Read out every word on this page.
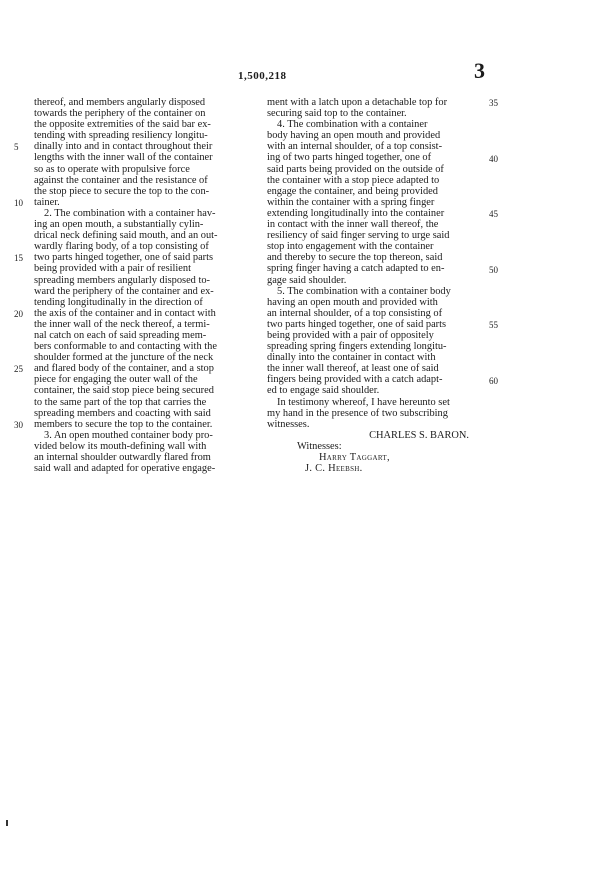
1,500,218	3
thereof, and members angularly disposed
towards the periphery of the container on
the opposite extremities of the said bar ex-
tending with spreading resiliency longitu-
dinally into and in contact throughout their
lengths with the inner wall of the container
so as to operate with propulsive force
against the container and the resistance of
the stop piece to secure the top to the con-
tainer.
2. The combination with a container hav-
ing an open mouth, a substantially cylin-
drical neck defining said mouth, and an out-
wardly flaring body, of a top consisting of
two parts hinged together, one of said parts
being provided with a pair of resilient
spreading members angularly disposed to-
ward the periphery of the container and ex-
tending longitudinally in the direction of
the axis of the container and in contact with
the inner wall of the neck thereof, a termi-
nal catch on each of said spreading mem-
bers conformable to and contacting with the
shoulder formed at the juncture of the neck
and flared body of the container, and a stop
piece for engaging the outer wall of the
container, the said stop piece being secured
to the same part of the top that carries the
spreading members and coacting with said
members to secure the top to the container.
3. An open mouthed container body pro-
vided below its mouth-defining wall with
an internal shoulder outwardly flared from
said wall and adapted for operative engage-
ment with a latch upon a detachable top for
securing said top to the container.
4. The combination with a container
body having an open mouth and provided
with an internal shoulder, of a top consist-
ing of two parts hinged together, one of
said parts being provided on the outside of
the container with a stop piece adapted to
engage the container, and being provided
within the container with a spring finger
extending longitudinally into the container
in contact with the inner wall thereof, the
resiliency of said finger serving to urge said
stop into engagement with the container
and thereby to secure the top thereon, said
spring finger having a catch adapted to en-
gage said shoulder.
5. The combination with a container body
having an open mouth and provided with
an internal shoulder, of a top consisting of
two parts hinged together, one of said parts
being provided with a pair of oppositely
spreading spring fingers extending longitu-
dinally into the container in contact with
the inner wall thereof, at least one of said
fingers being provided with a catch adapt-
ed to engage said shoulder.
In testimony whereof, I have hereunto set
my hand in the presence of two subscribing
witnesses.
CHARLES S. BARON.
Witnesses:
Harry Taggart,
J. C. Heebsh.
5
10
15
20
25
30
35
40
45
50
55
60
